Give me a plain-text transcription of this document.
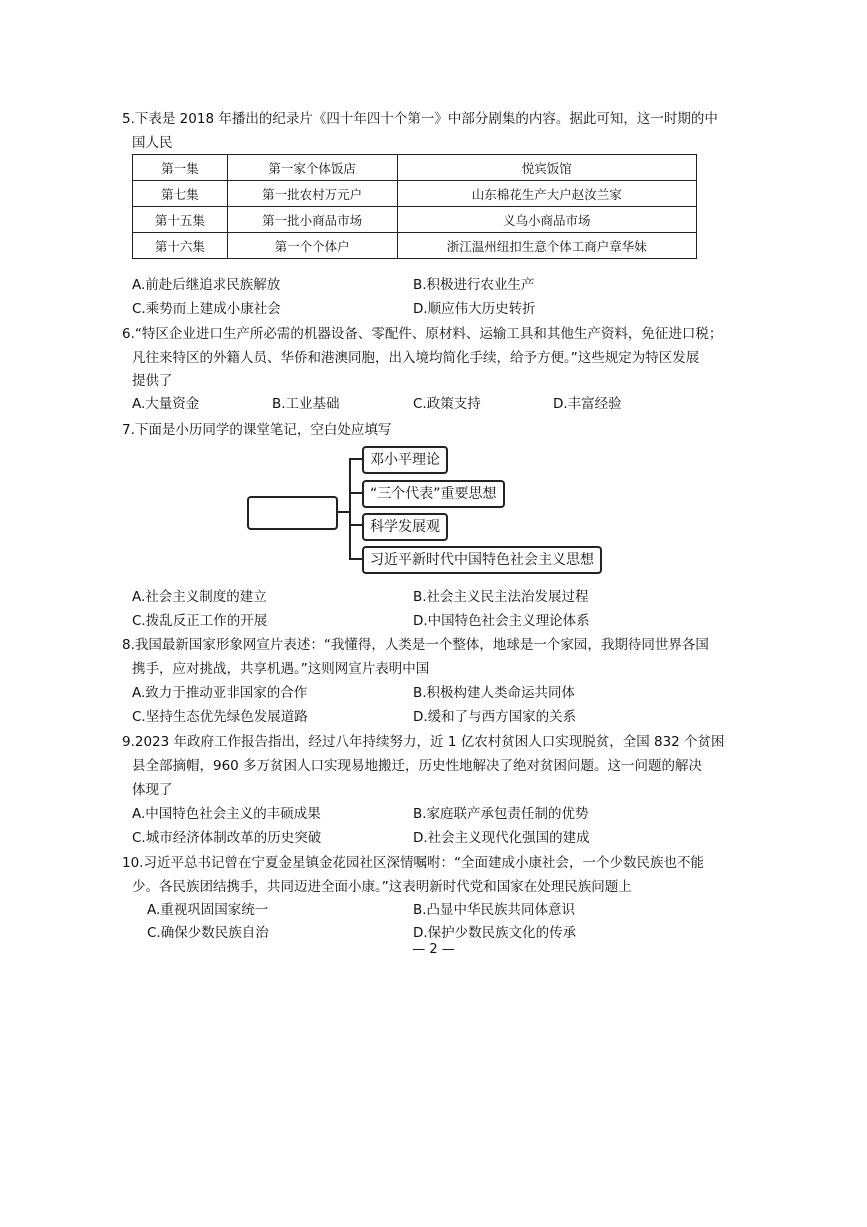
5.下表是 2018 年播出的纪录片《四十年四十个第一》中部分剧集的内容。据此可知，这一时期的中
国人民
第一集	第一家个体饭店	悦宾饭馆
第七集	第一批农村万元户	山东棉花生产大户赵汝兰家
第十五集	第一批小商品市场	义乌小商品市场
第十六集	第一个个体户	浙江温州纽扣生意个体工商户章华妹
A.前赴后继追求民族解放	B.积极进行农业生产
C.乘势而上建成小康社会	D.顺应伟大历史转折
6.“特区企业进口生产所必需的机器设备、零配件、原材料、运输工具和其他生产资料，免征进口税；
凡往来特区的外籍人员、华侨和港澳同胞，出入境均简化手续，给予方便。”这些规定为特区发展
提供了
A.大量资金	B.工业基础	C.政策支持	D.丰富经验
7.下面是小历同学的课堂笔记，空白处应填写
邓小平理论
“三个代表”重要思想
科学发展观
习近平新时代中国特色社会主义思想
A.社会主义制度的建立	B.社会主义民主法治发展过程
C.拨乱反正工作的开展	D.中国特色社会主义理论体系
8.我国最新国家形象网宣片表述：“我懂得，人类是一个整体，地球是一个家园，我期待同世界各国
携手，应对挑战，共享机遇。”这则网宣片表明中国
A.致力于推动亚非国家的合作	B.积极构建人类命运共同体
C.坚持生态优先绿色发展道路	D.缓和了与西方国家的关系
9.2023 年政府工作报告指出，经过八年持续努力，近 1 亿农村贫困人口实现脱贫，全国 832 个贫困
县全部摘帽，960 多万贫困人口实现易地搬迁，历史性地解决了绝对贫困问题。这一问题的解决
体现了
A.中国特色社会主义的丰硕成果	B.家庭联产承包责任制的优势
C.城市经济体制改革的历史突破	D.社会主义现代化强国的建成
10.习近平总书记曾在宁夏金星镇金花园社区深情嘱咐：“全面建成小康社会，一个少数民族也不能
少。各民族团结携手，共同迈进全面小康。”这表明新时代党和国家在处理民族问题上
A.重视巩固国家统一	B.凸显中华民族共同体意识
C.确保少数民族自治	D.保护少数民族文化的传承
— 2 —
